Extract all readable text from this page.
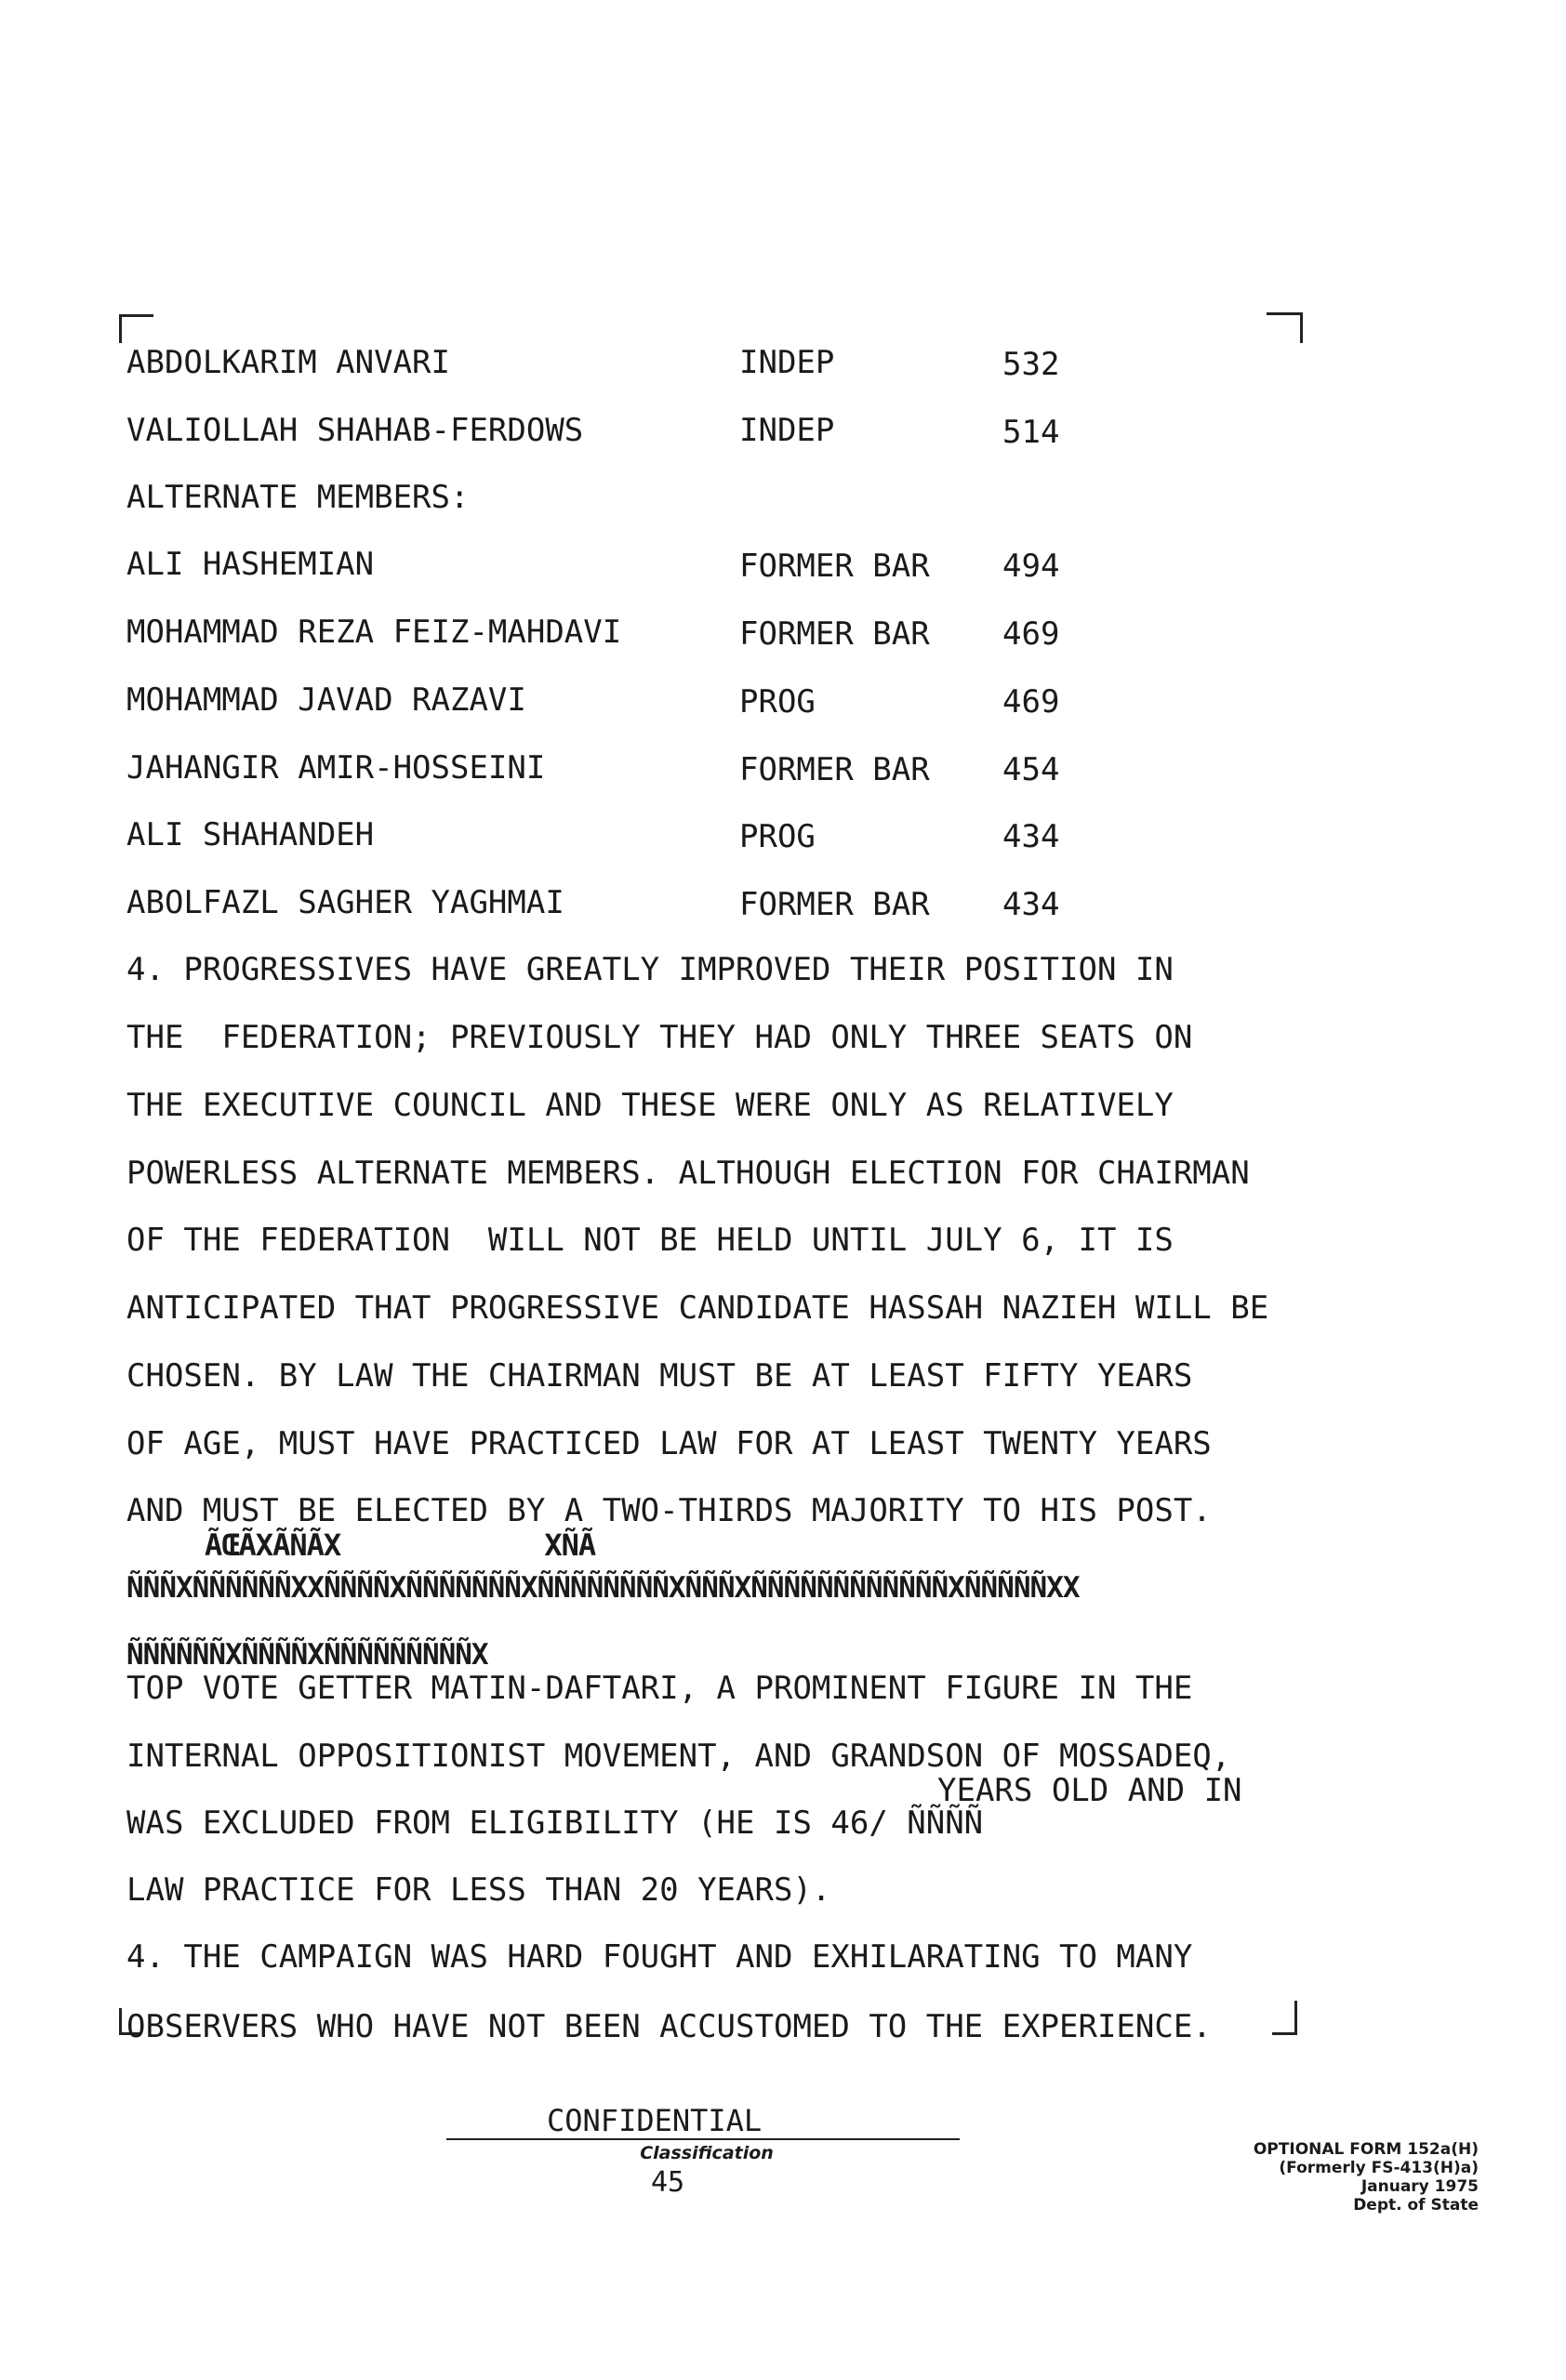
ABDOLKARIM ANVARI	INDEP	532
VALIOLLAH SHAHAB-FERDOWS	INDEP	514
ALTERNATE MEMBERS:
ALI HASHEMIAN	FORMER BAR 494
MOHAMMAD REZA FEIZ-MAHDAVI	FORMER BAR 469
MOHAMMAD JAVAD RAZAVI	PROG	469
JAHANGIR AMIR-HOSSEINI	FORMER BAR 454
ALI SHAHANDEH	PROG	434
ABOLFAZL SAGHER YAGHMAI	FORMER BAR 434
4. PROGRESSIVES HAVE GREATLY IMPROVED THEIR POSITION IN
THE  FEDERATION; PREVIOUSLY THEY HAD ONLY THREE SEATS ON
THE EXECUTIVE COUNCIL AND THESE WERE ONLY AS RELATIVELY
POWERLESS ALTERNATE MEMBERS. ALTHOUGH ELECTION FOR CHAIRMAN
OF THE FEDERATION  WILL NOT BE HELD UNTIL JULY 6, IT IS
ANTICIPATED THAT PROGRESSIVE CANDIDATE HASSAH NAZIEH WILL BE
CHOSEN. BY LAW THE CHAIRMAN MUST BE AT LEAST FIFTY YEARS
OF AGE, MUST HAVE PRACTICED LAW FOR AT LEAST TWENTY YEARS
AND MUST BE ELECTED BY A TWO-THIRDS MAJORITY TO HIS POST.
ÃŒÃXÃÑÃX            XÑÃ
ÑÑÑXÑÑÑÑÑÑXXÑÑÑÑXÑÑÑÑÑÑÑXÑÑÑÑÑÑÑÑXÑÑÑXÑÑÑÑÑÑÑÑÑÑÑÑXÑÑÑÑÑXX
ÑÑÑÑÑÑXÑÑÑÑXÑÑÑÑÑÑÑÑÑX
TOP VOTE GETTER MATIN-DAFTARI, A PROMINENT FIGURE IN THE
INTERNAL OPPOSITIONIST MOVEMENT, AND GRANDSON OF MOSSADEQ,
YEARS OLD AND IN
WAS EXCLUDED FROM ELIGIBILITY (HE IS 46/ ÑÑÑÑ
LAW PRACTICE FOR LESS THAN 20 YEARS).
4. THE CAMPAIGN WAS HARD FOUGHT AND EXHILARATING TO MANY
OBSERVERS WHO HAVE NOT BEEN ACCUSTOMED TO THE EXPERIENCE.
CONFIDENTIAL
Classification
45
OPTIONAL FORM 152a(H)
(Formerly FS-413(H)a)
January 1975
Dept. of State
